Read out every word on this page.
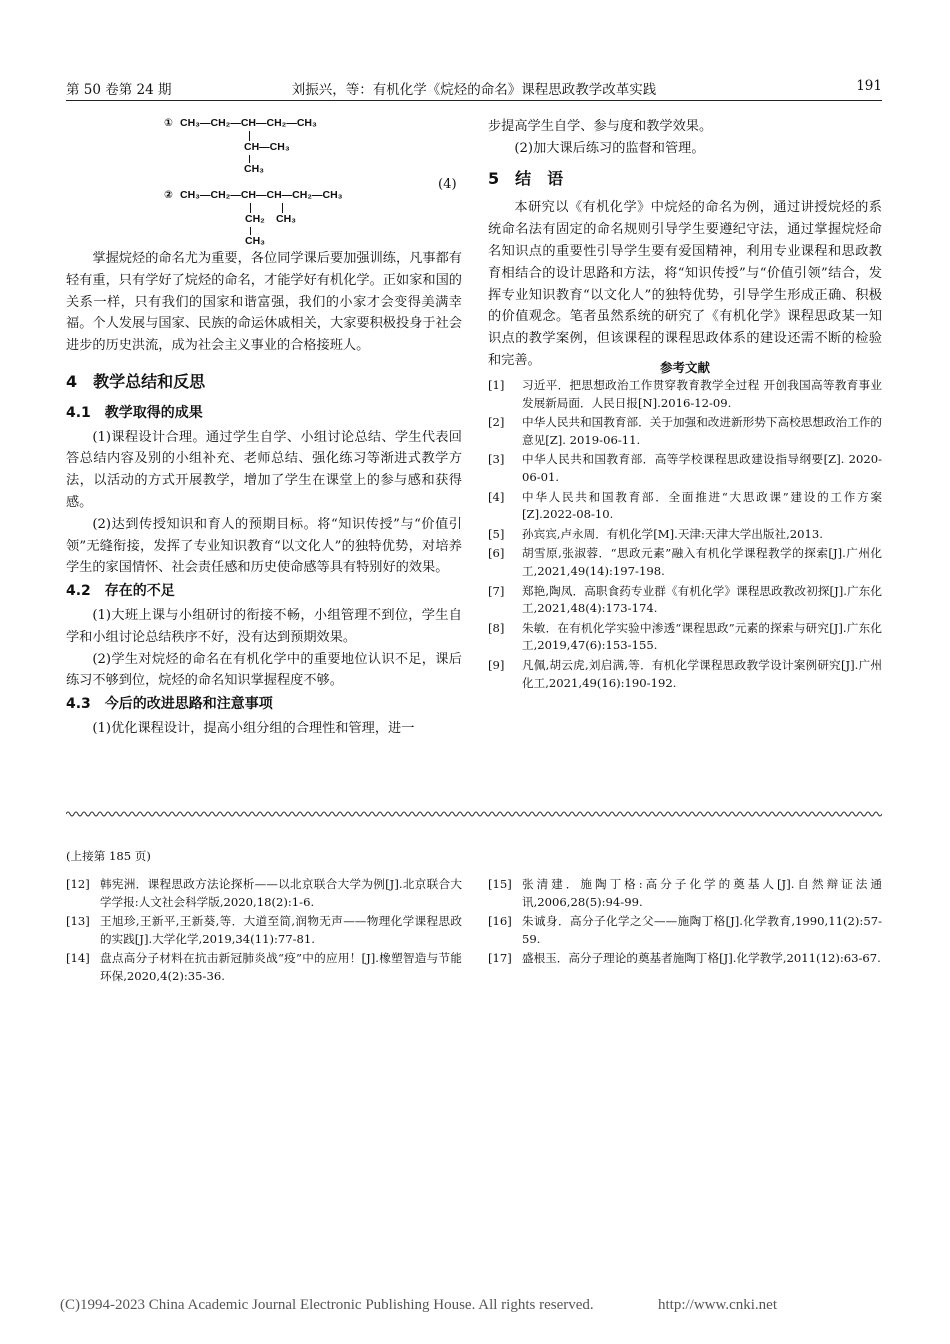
第 50 卷第 24 期	刘振兴，等：有机化学《烷烃的命名》课程思政教学改革实践	191
① CH₃—CH₂—CH—CH₂—CH₃
CH—CH₃
CH₃
② CH₃—CH₂—CH—CH—CH₂—CH₃
CH₂ CH₃
CH₃
(4)

掌握烷烃的命名尤为重要，各位同学课后要加强训练，凡事都有轻有重，只有学好了烷烃的命名，才能学好有机化学。正如家和国的关系一样，只有我们的国家和谐富强，我们的小家才会变得美满幸福。个人发展与国家、民族的命运休戚相关，大家要积极投身于社会进步的历史洪流，成为社会主义事业的合格接班人。

4　教学总结和反思
4.1　教学取得的成果

(1)课程设计合理。通过学生自学、小组讨论总结、学生代表回答总结内容及别的小组补充、老师总结、强化练习等渐进式教学方法，以活动的方式开展教学，增加了学生在课堂上的参与感和获得感。

(2)达到传授知识和育人的预期目标。将“知识传授”与“价值引领”无缝衔接，发挥了专业知识教育“以文化人”的独特优势，对培养学生的家国情怀、社会责任感和历史使命感等具有特别好的效果。

4.2　存在的不足

(1)大班上课与小组研讨的衔接不畅，小组管理不到位，学生自学和小组讨论总结秩序不好，没有达到预期效果。

(2)学生对烷烃的命名在有机化学中的重要地位认识不足，课后练习不够到位，烷烃的命名知识掌握程度不够。

4.3　今后的改进思路和注意事项

(1)优化课程设计，提高小组分组的合理性和管理，进一

步提高学生自学、参与度和教学效果。

(2)加大课后练习的监督和管理。

5　结　语

本研究以《有机化学》中烷烃的命名为例，通过讲授烷烃的系统命名法有固定的命名规则引导学生要遵纪守法，通过掌握烷烃命名知识点的重要性引导学生要有爱国精神，利用专业课程和思政教育相结合的设计思路和方法，将“知识传授”与“价值引领”结合，发挥专业知识教育“以文化人”的独特优势，引导学生形成正确、积极的价值观念。笔者虽然系统的研究了《有机化学》课程思政某一知识点的教学案例，但该课程的课程思政体系的建设还需不断的检验和完善。	参考文献
[1] 习近平．把思想政治工作贯穿教育教学全过程 开创我国高等教育事业发展新局面．人民日报[N].2016-12-09.
[2] 中华人民共和国教育部．关于加强和改进新形势下高校思想政治工作的意见[Z]. 2019-06-11.
[3] 中华人民共和国教育部．高等学校课程思政建设指导纲要[Z]. 2020-06-01.
[4] 中华人民共和国教育部．全面推进“大思政课”建设的工作方案[Z].2022-08-10.
[5] 孙宾宾,卢永周．有机化学[M].天津:天津大学出版社,2013.
[6] 胡雪原,张淑蓉．“思政元素”融入有机化学课程教学的探索[J].广州化工,2021,49(14):197-198.
[7] 郑艳,陶凤．高职食药专业群《有机化学》课程思政教改初探[J].广东化工,2021,48(4):173-174.
[8] 朱敏．在有机化学实验中渗透“课程思政”元素的探索与研究[J].广东化工,2019,47(6):153-155.
[9] 凡佩,胡云虎,刘启满,等．有机化学课程思政教学设计案例研究[J].广州化工,2021,49(16):190-192.
(上接第 185 页)
[12] 韩宪洲．课程思政方法论探析——以北京联合大学为例[J].北京联合大学学报:人文社会科学版,2020,18(2):1-6.
[13] 王旭珍,王新平,王新葵,等．大道至简,润物无声——物理化学课程思政的实践[J].大学化学,2019,34(11):77-81.
[14] 盘点高分子材料在抗击新冠肺炎战“疫”中的应用！[J].橡塑智造与节能环保,2020,4(2):35-36.
[15] 张清建．施陶丁格:高分子化学的奠基人[J].自然辩证法通讯,2006,28(5):94-99.
[16] 朱诚身．高分子化学之父——施陶丁格[J].化学教育,1990,11(2):57-59.
[17] 盛根玉．高分子理论的奠基者施陶丁格[J].化学教学,2011(12):63-67.
(C)1994-2023 China Academic Journal Electronic Publishing House. All rights reserved.	http://www.cnki.net
